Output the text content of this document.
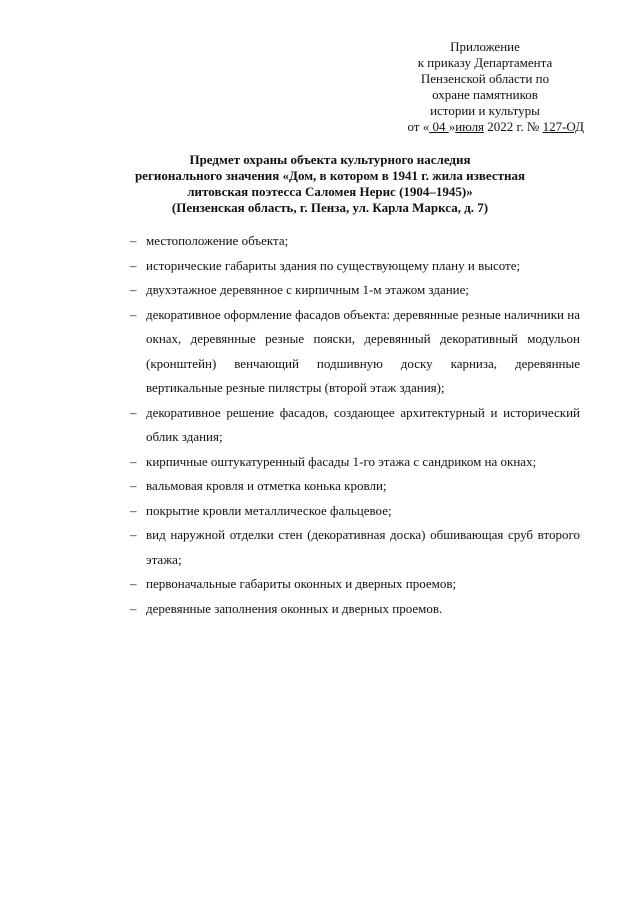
Приложение
к приказу Департамента
Пензенской области по
охране памятников
истории и культуры
от « 04 »июля 2022 г. № 127-ОД
Предмет охраны объекта культурного наследия
регионального значения «Дом, в котором в 1941 г. жила известная
литовская поэтесса Саломея Нерис (1904–1945)»
(Пензенская область, г. Пенза, ул. Карла Маркса, д. 7)
– местоположение объекта;
– исторические габариты здания по существующему плану и высоте;
– двухэтажное деревянное с кирпичным 1-м этажом здание;
– декоративное оформление фасадов объекта: деревянные резные наличники на окнах, деревянные резные пояски, деревянный декоративный модульон (кронштейн) венчающий подшивную доску карниза, деревянные вертикальные резные пилястры (второй этаж здания);
– декоративное решение фасадов, создающее архитектурный и исторический облик здания;
– кирпичные оштукатуренный фасады 1-го этажа с сандриком на окнах;
– вальмовая кровля и отметка конька кровли;
– покрытие кровли металлическое фальцевое;
– вид наружной отделки стен (декоративная доска) обшивающая сруб второго этажа;
– первоначальные габариты оконных и дверных проемов;
– деревянные заполнения оконных и дверных проемов.
